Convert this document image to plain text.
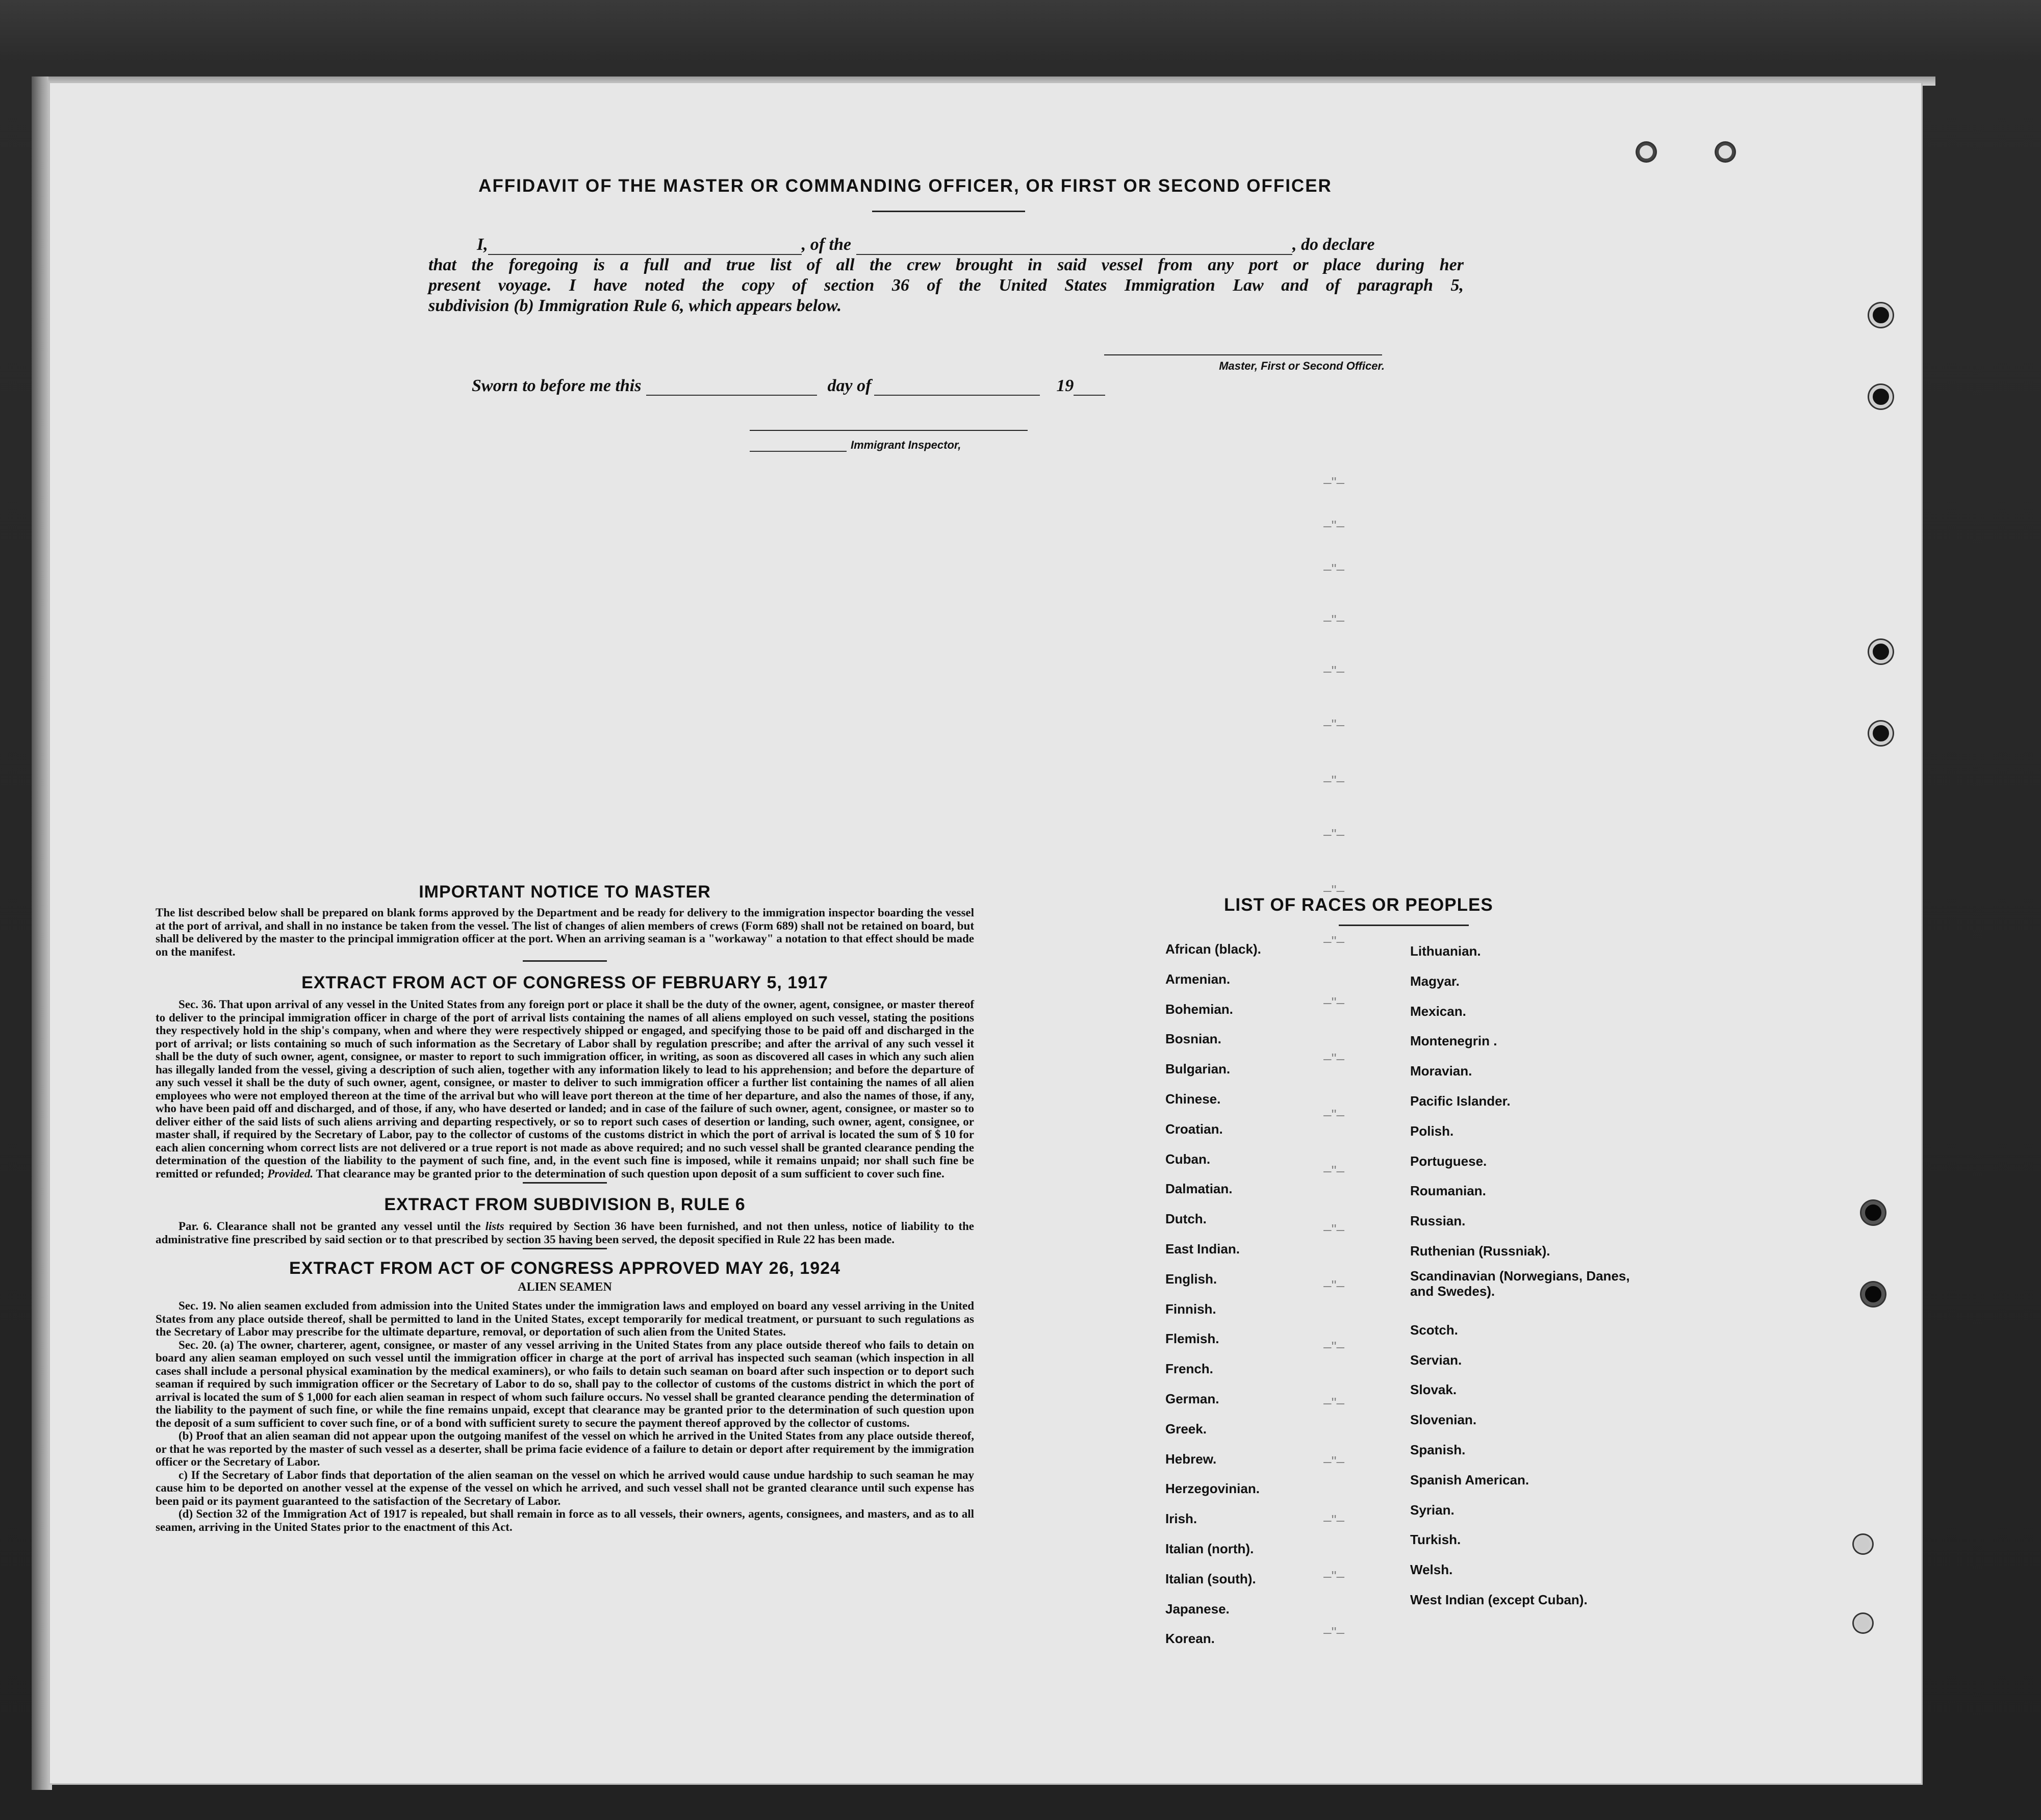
–"–
–"–
–"–
–"–
–"–
–"–
–"–
–"–
–"–
–"–
–"–
–"–
–"–
–"–
–"–
–"–
–"–
–"–
–"–
–"–
–"–
–"–
AFFIDAVIT OF THE MASTER OR COMMANDING OFFICER, OR FIRST OR SECOND OFFICER
I,	, of the	, do declare
that the foregoing is a full and true list of all the crew brought in said vessel from any port or place during her
present voyage. I have noted the copy of section 36 of the United States Immigration Law and of paragraph 5,
subdivision (b) Immigration Rule 6, which appears below.
Master, First or Second Officer.
Sworn to before me this	day of	19
Immigrant Inspector,
IMPORTANT NOTICE TO MASTER
The list described below shall be prepared on blank forms approved by the Department and be ready for delivery to the immigration inspector boarding the vessel at the port of arrival, and shall in no instance be taken from the vessel. The list of changes of alien members of crews (Form 689) shall not be retained on board, but shall be delivered by the master to the principal immigration officer at the port. When an arriving seaman is a "workaway" a notation to that effect should be made on the manifest.
EXTRACT FROM ACT OF CONGRESS OF FEBRUARY 5, 1917
Sec. 36. That upon arrival of any vessel in the United States from any foreign port or place it shall be the duty of the owner, agent, consignee, or master thereof to deliver to the principal immigration officer in charge of the port of arrival lists containing the names of all aliens employed on such vessel, stating the positions they respectively hold in the ship's company, when and where they were respectively shipped or engaged, and specifying those to be paid off and discharged in the port of arrival; or lists containing so much of such information as the Secretary of Labor shall by regulation prescribe; and after the arrival of any such vessel it shall be the duty of such owner, agent, consignee, or master to report to such immigration officer, in writing, as soon as discovered all cases in which any such alien has illegally landed from the vessel, giving a description of such alien, together with any information likely to lead to his apprehension; and before the departure of any such vessel it shall be the duty of such owner, agent, consignee, or master to deliver to such immigration officer a further list containing the names of all alien employees who were not employed thereon at the time of the arrival but who will leave port thereon at the time of her departure, and also the names of those, if any, who have been paid off and discharged, and of those, if any, who have deserted or landed; and in case of the failure of such owner, agent, consignee, or master so to deliver either of the said lists of such aliens arriving and departing respectively, or so to report such cases of desertion or landing, such owner, agent, consignee, or master shall, if required by the Secretary of Labor, pay to the collector of customs of the customs district in which the port of arrival is located the sum of $ 10 for each alien concerning whom correct lists are not delivered or a true report is not made as above required; and no such vessel shall be granted clearance pending the determination of the question of the liability to the payment of such fine, and, in the event such fine is imposed, while it remains unpaid; nor shall such fine be remitted or refunded; Provided. That clearance may be granted prior to the determination of such question upon deposit of a sum sufficient to cover such fine.
EXTRACT FROM SUBDIVISION B, RULE 6
Par. 6. Clearance shall not be granted any vessel until the lists required by Section 36 have been furnished, and not then unless, notice of liability to the administrative fine prescribed by said section or to that prescribed by section 35 having been served, the deposit specified in Rule 22 has been made.
EXTRACT FROM ACT OF CONGRESS APPROVED MAY 26, 1924
ALIEN SEAMEN
Sec. 19. No alien seamen excluded from admission into the United States under the immigration laws and employed on board any vessel arriving in the United States from any place outside thereof, shall be permitted to land in the United States, except temporarily for medical treatment, or pursuant to such regulations as the Secretary of Labor may prescribe for the ultimate departure, removal, or deportation of such alien from the United States.
Sec. 20. (a) The owner, charterer, agent, consignee, or master of any vessel arriving in the United States from any place outside thereof who fails to detain on board any alien seaman employed on such vessel until the immigration officer in charge at the port of arrival has inspected such seaman (which inspection in all cases shall include a personal physical examination by the medical examiners), or who fails to detain such seaman on board after such inspection or to deport such seaman if required by such immigration officer or the Secretary of Labor to do so, shall pay to the collector of customs of the customs district in which the port of arrival is located the sum of $ 1,000 for each alien seaman in respect of whom such failure occurs. No vessel shall be granted clearance pending the determination of the liability to the payment of such fine, or while the fine remains unpaid, except that clearance may be granted prior to the determination of such question upon the deposit of a sum sufficient to cover such fine, or of a bond with sufficient surety to secure the payment thereof approved by the collector of customs.
(b) Proof that an alien seaman did not appear upon the outgoing manifest of the vessel on which he arrived in the United States from any place outside thereof, or that he was reported by the master of such vessel as a deserter, shall be prima facie evidence of a failure to detain or deport after requirement by the immigration officer or the Secretary of Labor.
c) If the Secretary of Labor finds that deportation of the alien seaman on the vessel on which he arrived would cause undue hardship to such seaman he may cause him to be deported on another vessel at the expense of the vessel on which he arrived, and such vessel shall not be granted clearance until such expense has been paid or its payment guaranteed to the satisfaction of the Secretary of Labor.
(d) Section 32 of the Immigration Act of 1917 is repealed, but shall remain in force as to all vessels, their owners, agents, consignees, and masters, and as to all seamen, arriving in the United States prior to the enactment of this Act.
LIST OF RACES OR PEOPLES
African (black).
Armenian.
Bohemian.
Bosnian.
Bulgarian.
Chinese.
Croatian.
Cuban.
Dalmatian.
Dutch.
East Indian.
English.
Finnish.
Flemish.
French.
German.
Greek.
Hebrew.
Herzegovinian.
Irish.
Italian (north).
Italian (south).
Japanese.
Korean.
Lithuanian.
Magyar.
Mexican.
Montenegrin .
Moravian.
Pacific Islander.
Polish.
Portuguese.
Roumanian.
Russian.
Ruthenian (Russniak).
Scandinavian (Norwegians, Danes, and Swedes).
Scotch.
Servian.
Slovak.
Slovenian.
Spanish.
Spanish American.
Syrian.
Turkish.
Welsh.
West Indian (except Cuban).
